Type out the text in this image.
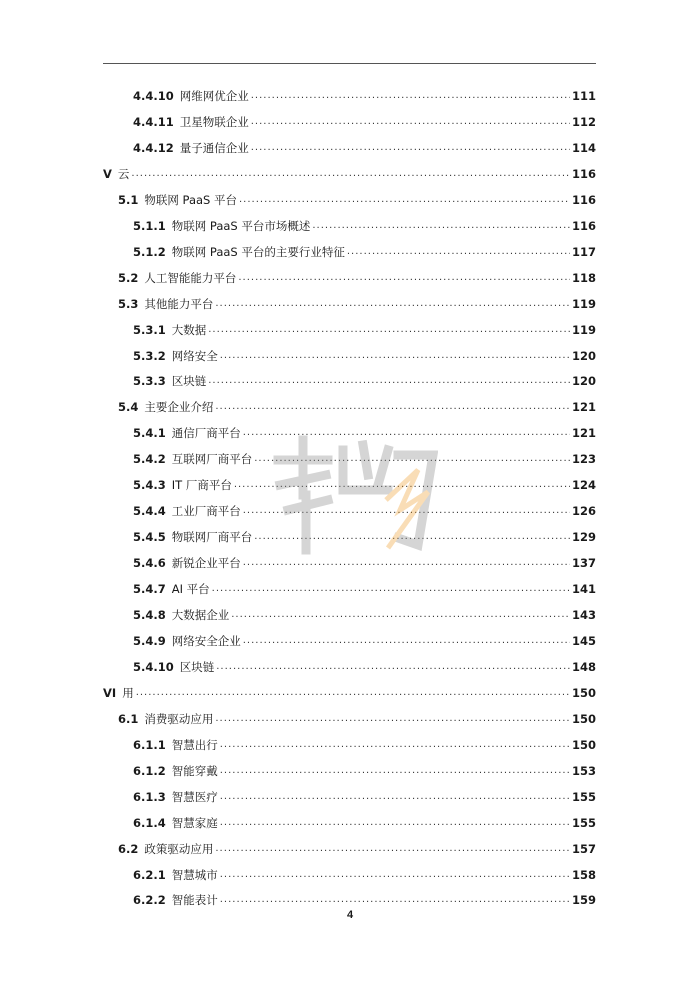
4.4.10 网维网优企业 .....	111
4.4.11 卫星物联企业 .....	112
4.4.12 量子通信企业 .....	114
V 云 .....	116
5.1 物联网 PaaS 平台 .....	116
5.1.1 物联网 PaaS 平台市场概述 .....	116
5.1.2 物联网 PaaS 平台的主要行业特征 .....	117
5.2 人工智能能力平台 .....	118
5.3 其他能力平台 .....	119
5.3.1 大数据 .....	119
5.3.2 网络安全 .....	120
5.3.3 区块链 .....	120
5.4 主要企业介绍 .....	121
5.4.1 通信厂商平台 .....	121
5.4.2 互联网厂商平台 .....	123
5.4.3 IT 厂商平台 .....	124
5.4.4 工业厂商平台 .....	126
5.4.5 物联网厂商平台 .....	129
5.4.6 新锐企业平台 .....	137
5.4.7 AI 平台 .....	141
5.4.8 大数据企业 .....	143
5.4.9 网络安全企业 .....	145
5.4.10 区块链 .....	148
VI 用 .....	150
6.1 消费驱动应用 .....	150
6.1.1 智慧出行 .....	150
6.1.2 智能穿戴 .....	153
6.1.3 智慧医疗 .....	155
6.1.4 智慧家庭 .....	155
6.2 政策驱动应用 .....	157
6.2.1 智慧城市 .....	158
6.2.2 智能表计 .....	159
4
